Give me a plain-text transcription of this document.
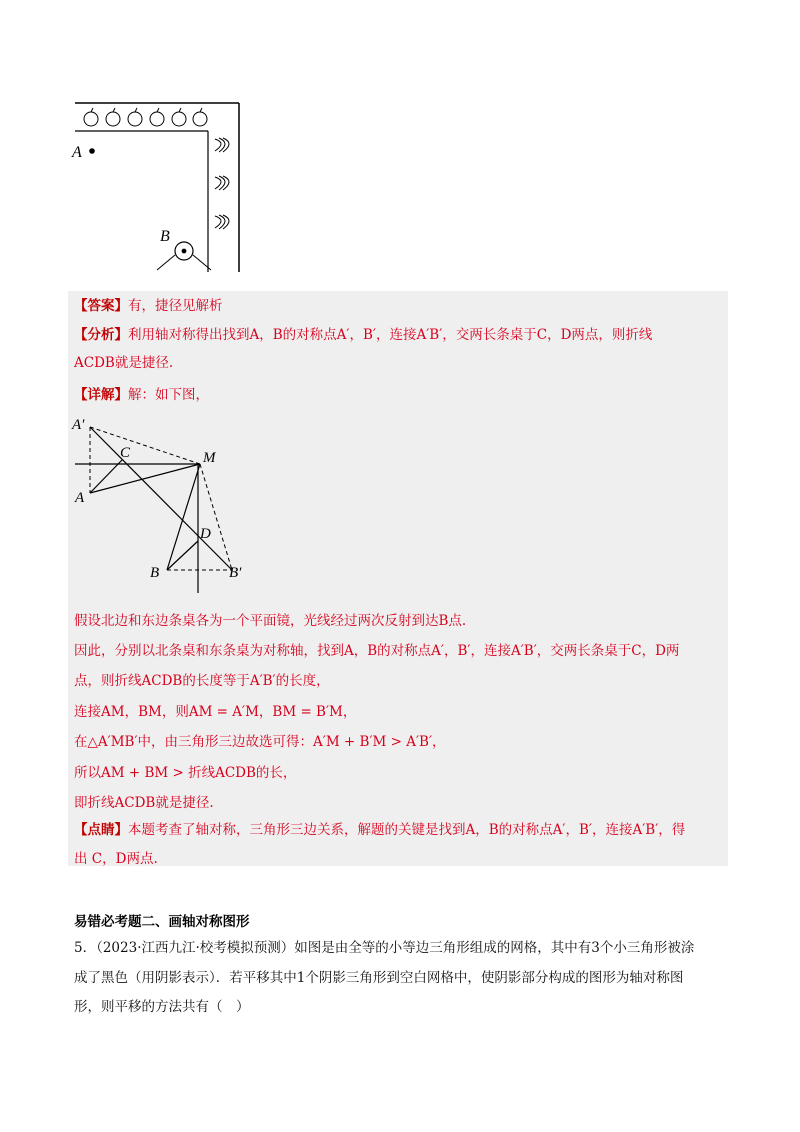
A
B
【答案】有，捷径见解析
【分析】利用轴对称得出找到A，B的对称点A′，B′，连接A′B′，交两长条桌于C，D两点，则折线
ACDB就是捷径.
【详解】解：如下图，
A′
C	M
A
D
B	B′
假设北边和东边条桌各为一个平面镜，光线经过两次反射到达B点.
因此，分别以北条桌和东条桌为对称轴，找到A，B的对称点A′，B′，连接A′B′，交两长条桌于C，D两
点，则折线ACDB的长度等于A′B′的长度，
连接AM，BM，则AM = A′M，BM = B′M，
在△A′MB′中，由三角形三边故选可得：A′M + B′M > A′B′，
所以AM + BM > 折线ACDB的长，
即折线ACDB就是捷径.
【点睛】本题考查了轴对称，三角形三边关系，解题的关键是找到A，B的对称点A′，B′，连接A′B′，得
出 C，D两点.
易错必考题二、画轴对称图形
5．（2023·江西九江·校考模拟预测）如图是由全等的小等边三角形组成的网格，其中有3个小三角形被涂
成了黑色（用阴影表示）．若平移其中1个阴影三角形到空白网格中，使阴影部分构成的图形为轴对称图
形，则平移的方法共有（　）
